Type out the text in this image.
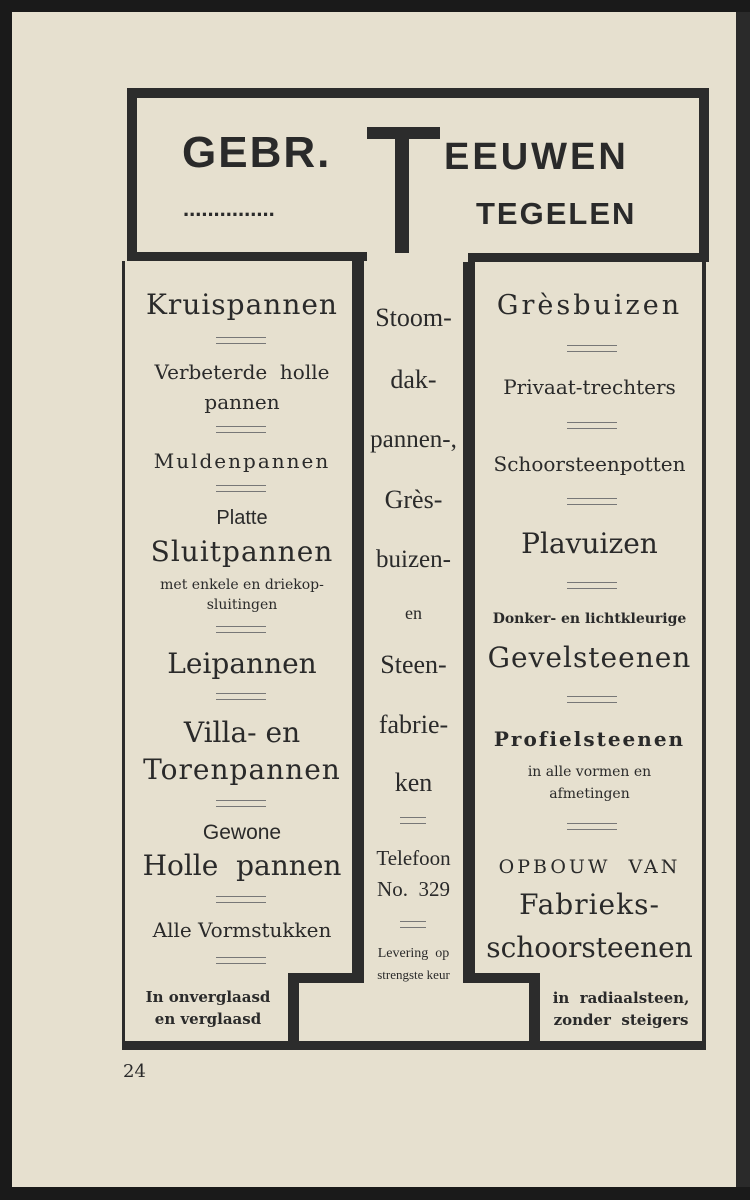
GEBR.	EEUWEN
...............	TEGELEN
Kruispannen
Verbeterde  holle
pannen
Muldenpannen
Platte
Sluitpannen
met enkele en driekop-
sluitingen
Leipannen
Villa- en
Torenpannen
Gewone
Holle  pannen
Alle Vormstukken
In onverglaasd
en verglaasd
Stoom-
dak-
pannen-,
Grès-
buizen-
en
Steen-
fabrie-
ken
Telefoon
No.  329
Levering  op
strengste keur
Grèsbuizen
Privaat-trechters
Schoorsteenpotten
Plavuizen
Donker- en lichtkleurige
Gevelsteenen
Profielsteenen
in alle vormen en
afmetingen
OPBOUW  VAN
Fabrieks-
schoorsteenen
in  radiaalsteen,
zonder  steigers
24
